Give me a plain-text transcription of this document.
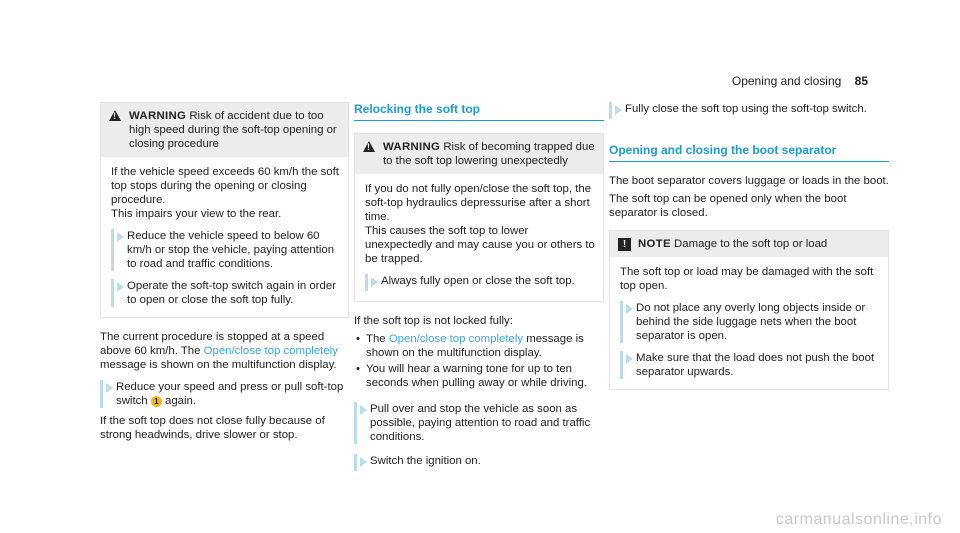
Opening and closing 85
!
WARNING Risk of accident due to too high speed during the soft-top opening or closing procedure

If the vehicle speed exceeds 60 km/h the soft top stops during the opening or closing procedure.

This impairs your view to the rear.

Reduce the vehicle speed to below 60 km/h or stop the vehicle, paying attention to road and traffic conditions.
Operate the soft-top switch again in order to open or close the soft top fully.

The current procedure is stopped at a speed above 60 km/h. The Open/close top completely message is shown on the multifunction display.

Reduce your speed and press or pull soft-top switch 1 again.

If the soft top does not close fully because of strong headwinds, drive slower or stop.

Relocking the soft top
!
WARNING Risk of becoming trapped due to the soft top lowering unexpectedly

If you do not fully open/close the soft top, the soft-top hydraulics depressurise after a short time.

This causes the soft top to lower unexpectedly and may cause you or others to be trapped.

Always fully open or close the soft top.

If the soft top is not locked fully:

• The Open/close top completely message is shown on the multifunction display.
• You will hear a warning tone for up to ten seconds when pulling away or while driving.
Pull over and stop the vehicle as soon as possible, paying attention to road and traffic conditions.
Switch the ignition on.
Fully close the soft top using the soft-top switch.
Opening and closing the boot separator

The boot separator covers luggage or loads in the boot.

The soft top can be opened only when the boot separator is closed.

!	NOTE Damage to the soft top or load

The soft top or load may be damaged with the soft top open.

Do not place any overly long objects inside or behind the side luggage nets when the boot separator is open.
Make sure that the load does not push the boot separator upwards.
carmanualsonline.info
